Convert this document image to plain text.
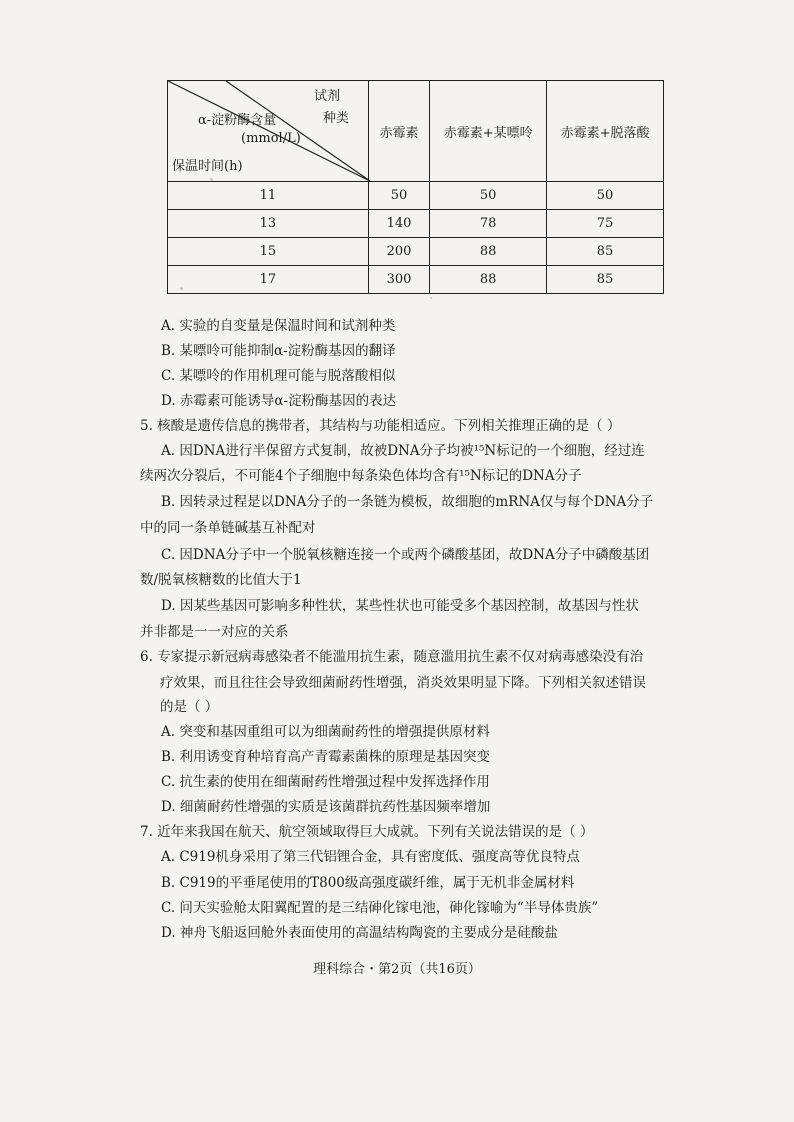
试剂
种类
α-淀粉酶含量
(mmol/L)
保温时间(h)	赤霉素	赤霉素+某嘌呤	赤霉素+脱落酸
11	50	50	50
13	140	78	75
15	200	88	85
17	300	88	85
A. 实验的自变量是保温时间和试剂种类
B. 某嘌呤可能抑制α-淀粉酶基因的翻译
C. 某嘌呤的作用机理可能与脱落酸相似
D. 赤霉素可能诱导α-淀粉酶基因的表达
5. 核酸是遗传信息的携带者，其结构与功能相适应。下列相关推理正确的是（ ）
A. 因DNA进行半保留方式复制，故被DNA分子均被¹⁵N标记的一个细胞，经过连
续两次分裂后，不可能4个子细胞中每条染色体均含有¹⁵N标记的DNA分子
B. 因转录过程是以DNA分子的一条链为模板，故细胞的mRNA仅与每个DNA分子
中的同一条单链碱基互补配对
C. 因DNA分子中一个脱氧核糖连接一个或两个磷酸基团，故DNA分子中磷酸基团
数/脱氧核糖数的比值大于1
D. 因某些基因可影响多种性状，某些性状也可能受多个基因控制，故基因与性状
并非都是一一对应的关系
6. 专家提示新冠病毒感染者不能滥用抗生素，随意滥用抗生素不仅对病毒感染没有治
疗效果，而且往往会导致细菌耐药性增强，消炎效果明显下降。下列相关叙述错误
的是（ ）
A. 突变和基因重组可以为细菌耐药性的增强提供原材料
B. 利用诱变育种培育高产青霉素菌株的原理是基因突变
C. 抗生素的使用在细菌耐药性增强过程中发挥选择作用
D. 细菌耐药性增强的实质是该菌群抗药性基因频率增加
7. 近年来我国在航天、航空领域取得巨大成就。下列有关说法错误的是（ ）
A. C919机身采用了第三代铝锂合金，具有密度低、强度高等优良特点
B. C919的平垂尾使用的T800级高强度碳纤维，属于无机非金属材料
C. 问天实验舱太阳翼配置的是三结砷化镓电池，砷化镓喻为“半导体贵族”
D. 神舟飞船返回舱外表面使用的高温结构陶瓷的主要成分是硅酸盐
理科综合・第2页（共16页）
